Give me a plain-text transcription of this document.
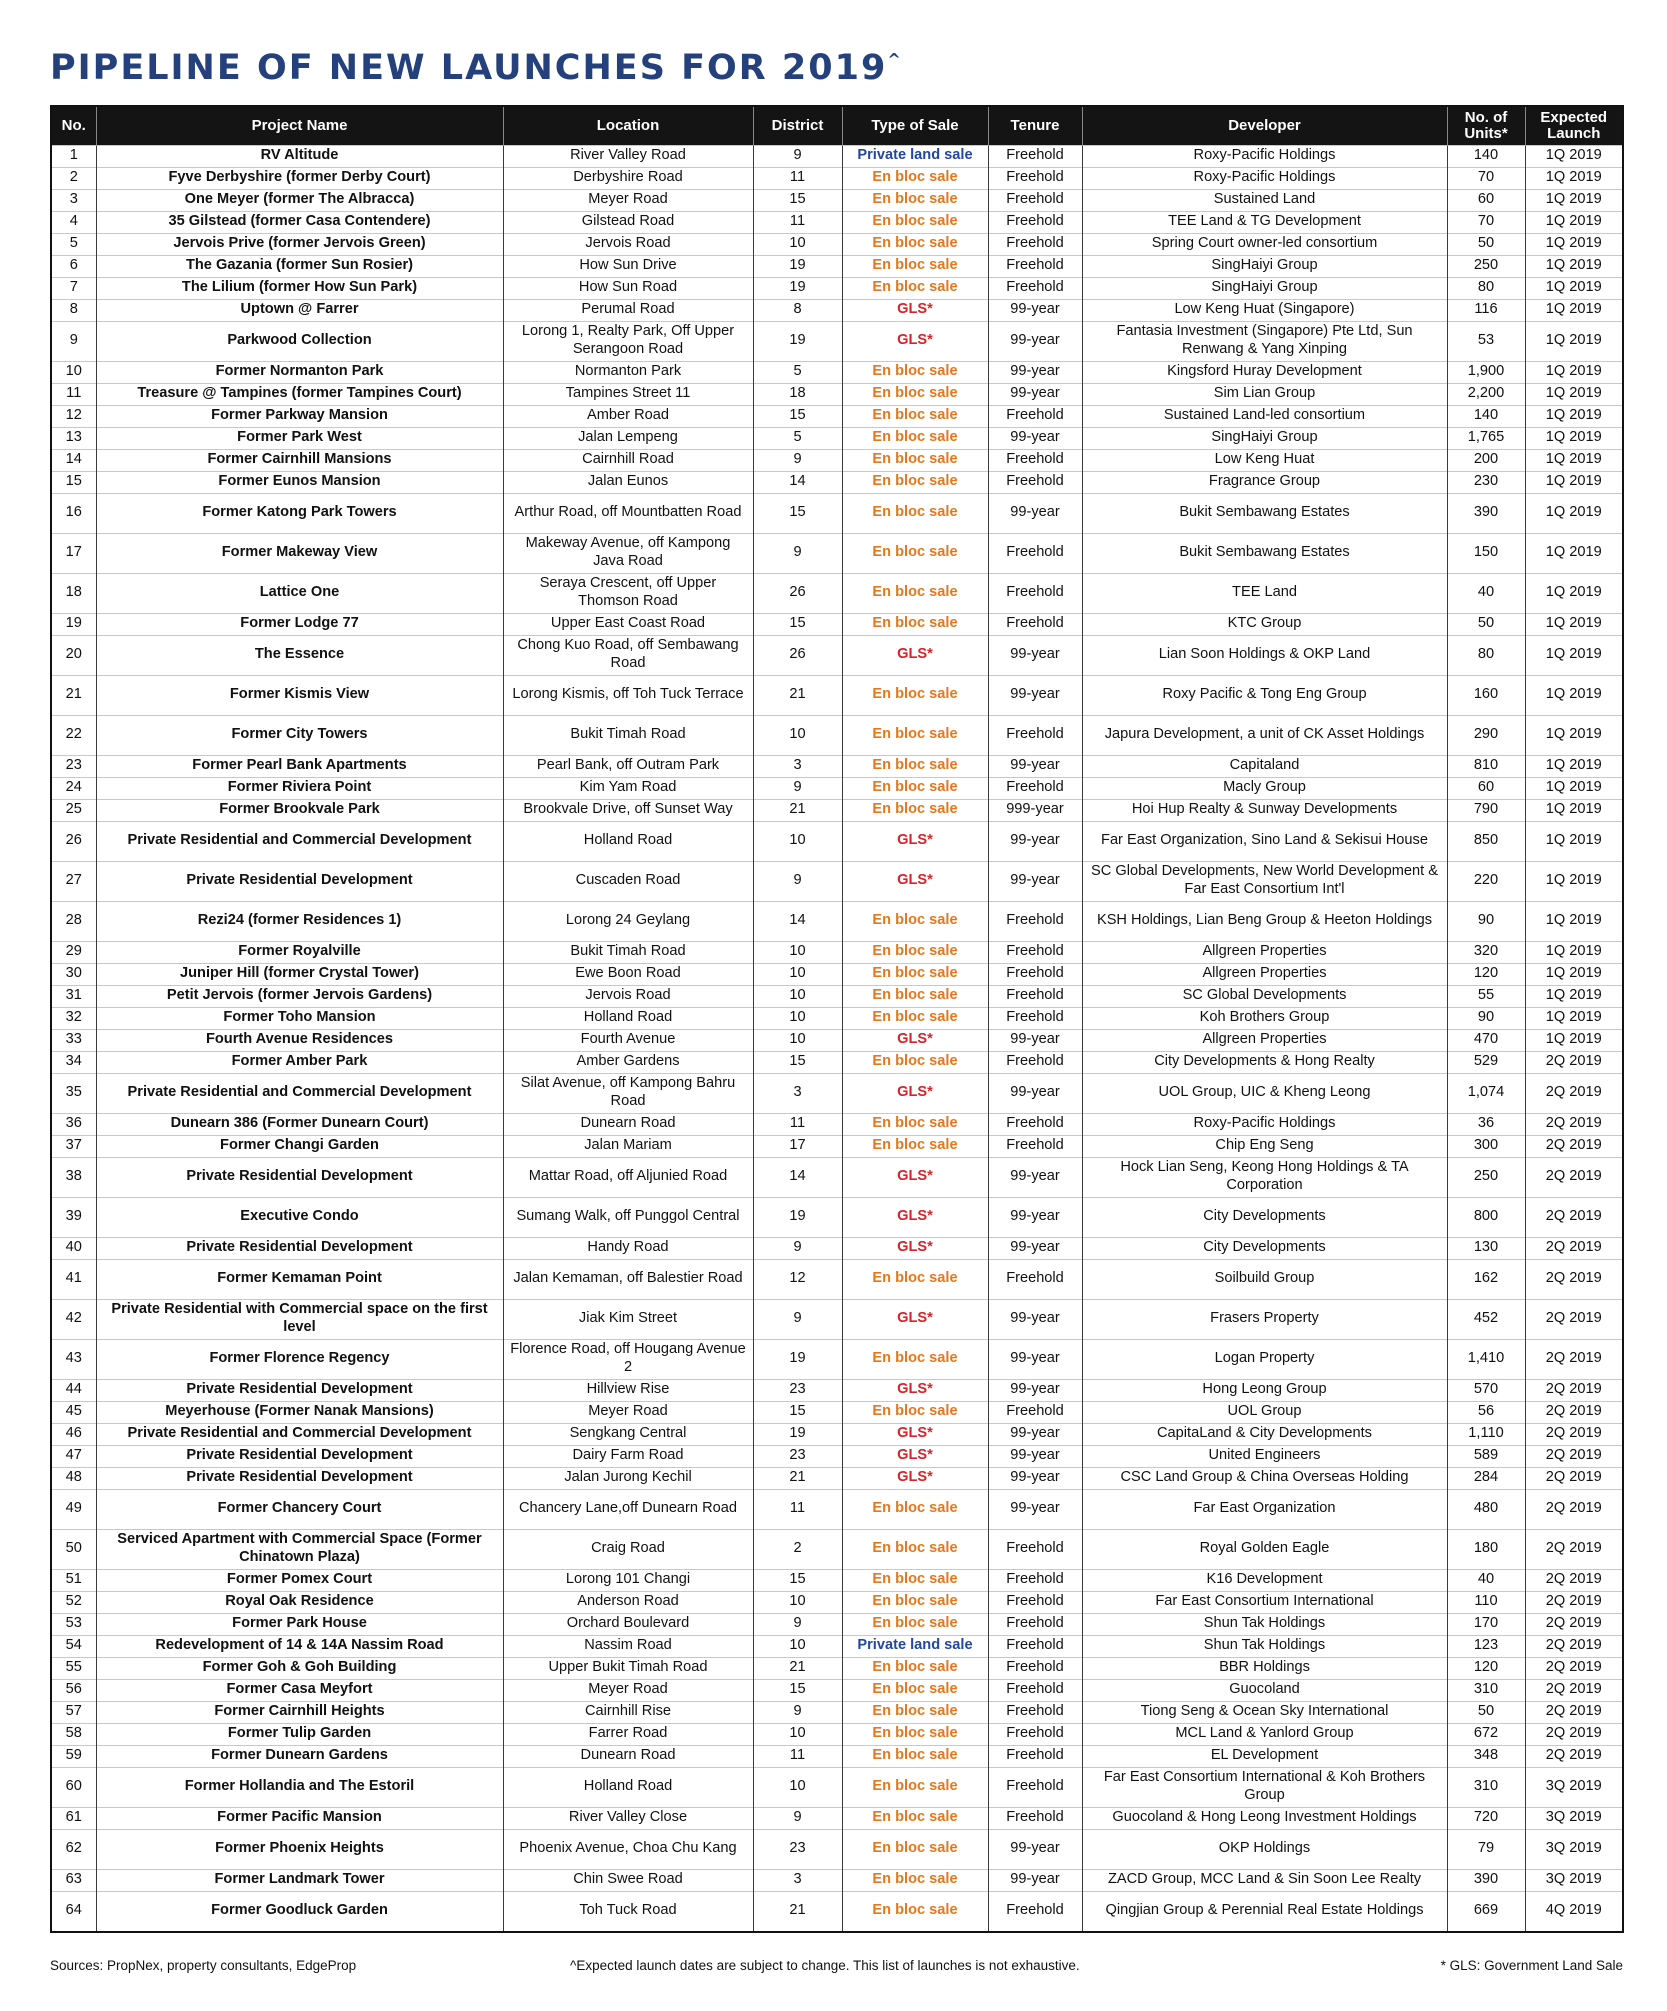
PIPELINE OF NEW LAUNCHES FOR 2019^
No.	Project Name	Location	District	Type of Sale	Tenure	Developer	No. of Units*	Expected Launch
1	RV Altitude	River Valley Road	9	Private land sale	Freehold	Roxy-Pacific Holdings	140	1Q 2019
2	Fyve Derbyshire (former Derby Court)	Derbyshire Road	11	En bloc sale	Freehold	Roxy-Pacific Holdings	70	1Q 2019
3	One Meyer (former The Albracca)	Meyer Road	15	En bloc sale	Freehold	Sustained Land	60	1Q 2019
4	35 Gilstead (former Casa Contendere)	Gilstead Road	11	En bloc sale	Freehold	TEE Land & TG Development	70	1Q 2019
5	Jervois Prive (former Jervois Green)	Jervois Road	10	En bloc sale	Freehold	Spring Court owner-led consortium	50	1Q 2019
6	The Gazania (former Sun Rosier)	How Sun Drive	19	En bloc sale	Freehold	SingHaiyi Group	250	1Q 2019
7	The Lilium (former How Sun Park)	How Sun Road	19	En bloc sale	Freehold	SingHaiyi Group	80	1Q 2019
8	Uptown @ Farrer	Perumal Road	8	GLS*	99-year	Low Keng Huat (Singapore)	116	1Q 2019
9	Parkwood Collection	Lorong 1, Realty Park, Off Upper Serangoon Road	19	GLS*	99-year	Fantasia Investment (Singapore) Pte Ltd, Sun Renwang & Yang Xinping	53	1Q 2019
10	Former Normanton Park	Normanton Park	5	En bloc sale	99-year	Kingsford Huray Development	1,900	1Q 2019
11	Treasure @ Tampines (former Tampines Court)	Tampines Street 11	18	En bloc sale	99-year	Sim Lian Group	2,200	1Q 2019
12	Former Parkway Mansion	Amber Road	15	En bloc sale	Freehold	Sustained Land-led consortium	140	1Q 2019
13	Former Park West	Jalan Lempeng	5	En bloc sale	99-year	SingHaiyi Group	1,765	1Q 2019
14	Former Cairnhill Mansions	Cairnhill Road	9	En bloc sale	Freehold	Low Keng Huat	200	1Q 2019
15	Former Eunos Mansion	Jalan Eunos	14	En bloc sale	Freehold	Fragrance Group	230	1Q 2019
16	Former Katong Park Towers	Arthur Road, off Mountbatten Road	15	En bloc sale	99-year	Bukit Sembawang Estates	390	1Q 2019
17	Former Makeway View	Makeway Avenue, off Kampong Java Road	9	En bloc sale	Freehold	Bukit Sembawang Estates	150	1Q 2019
18	Lattice One	Seraya Crescent, off Upper Thomson Road	26	En bloc sale	Freehold	TEE Land	40	1Q 2019
19	Former Lodge 77	Upper East Coast Road	15	En bloc sale	Freehold	KTC Group	50	1Q 2019
20	The Essence	Chong Kuo Road, off Sembawang Road	26	GLS*	99-year	Lian Soon Holdings & OKP Land	80	1Q 2019
21	Former Kismis View	Lorong Kismis, off Toh Tuck Terrace	21	En bloc sale	99-year	Roxy Pacific & Tong Eng Group	160	1Q 2019
22	Former City Towers	Bukit Timah Road	10	En bloc sale	Freehold	Japura Development, a unit of CK Asset Holdings	290	1Q 2019
23	Former Pearl Bank Apartments	Pearl Bank, off Outram Park	3	En bloc sale	99-year	Capitaland	810	1Q 2019
24	Former Riviera Point	Kim Yam Road	9	En bloc sale	Freehold	Macly Group	60	1Q 2019
25	Former Brookvale Park	Brookvale Drive, off Sunset Way	21	En bloc sale	999-year	Hoi Hup Realty & Sunway Developments	790	1Q 2019
26	Private Residential and Commercial Development	Holland Road	10	GLS*	99-year	Far East Organization, Sino Land & Sekisui House	850	1Q 2019
27	Private Residential Development	Cuscaden Road	9	GLS*	99-year	SC Global Developments, New World Development & Far East Consortium Int'l	220	1Q 2019
28	Rezi24 (former Residences 1)	Lorong 24 Geylang	14	En bloc sale	Freehold	KSH Holdings, Lian Beng Group & Heeton Holdings	90	1Q 2019
29	Former Royalville	Bukit Timah Road	10	En bloc sale	Freehold	Allgreen Properties	320	1Q 2019
30	Juniper Hill (former Crystal Tower)	Ewe Boon Road	10	En bloc sale	Freehold	Allgreen Properties	120	1Q 2019
31	Petit Jervois (former Jervois Gardens)	Jervois Road	10	En bloc sale	Freehold	SC Global Developments	55	1Q 2019
32	Former Toho Mansion	Holland Road	10	En bloc sale	Freehold	Koh Brothers Group	90	1Q 2019
33	Fourth Avenue Residences	Fourth Avenue	10	GLS*	99-year	Allgreen Properties	470	1Q 2019
34	Former Amber Park	Amber Gardens	15	En bloc sale	Freehold	City Developments & Hong Realty	529	2Q 2019
35	Private Residential and Commercial Development	Silat Avenue, off Kampong Bahru Road	3	GLS*	99-year	UOL Group, UIC & Kheng Leong	1,074	2Q 2019
36	Dunearn 386 (Former Dunearn Court)	Dunearn Road	11	En bloc sale	Freehold	Roxy-Pacific Holdings	36	2Q 2019
37	Former Changi Garden	Jalan Mariam	17	En bloc sale	Freehold	Chip Eng Seng	300	2Q 2019
38	Private Residential Development	Mattar Road, off Aljunied Road	14	GLS*	99-year	Hock Lian Seng, Keong Hong Holdings & TA Corporation	250	2Q 2019
39	Executive Condo	Sumang Walk, off Punggol Central	19	GLS*	99-year	City Developments	800	2Q 2019
40	Private Residential Development	Handy Road	9	GLS*	99-year	City Developments	130	2Q 2019
41	Former Kemaman Point	Jalan Kemaman, off Balestier Road	12	En bloc sale	Freehold	Soilbuild Group	162	2Q 2019
42	Private Residential with Commercial space on the first level	Jiak Kim Street	9	GLS*	99-year	Frasers Property	452	2Q 2019
43	Former Florence Regency	Florence Road, off Hougang Avenue 2	19	En bloc sale	99-year	Logan Property	1,410	2Q 2019
44	Private Residential Development	Hillview Rise	23	GLS*	99-year	Hong Leong Group	570	2Q 2019
45	Meyerhouse (Former Nanak Mansions)	Meyer Road	15	En bloc sale	Freehold	UOL Group	56	2Q 2019
46	Private Residential and Commercial Development	Sengkang Central	19	GLS*	99-year	CapitaLand & City Developments	1,110	2Q 2019
47	Private Residential Development	Dairy Farm Road	23	GLS*	99-year	United Engineers	589	2Q 2019
48	Private Residential Development	Jalan Jurong Kechil	21	GLS*	99-year	CSC Land Group & China Overseas Holding	284	2Q 2019
49	Former Chancery Court	Chancery Lane,off Dunearn Road	11	En bloc sale	99-year	Far East Organization	480	2Q 2019
50	Serviced Apartment with Commercial Space (Former Chinatown Plaza)	Craig Road	2	En bloc sale	Freehold	Royal Golden Eagle	180	2Q 2019
51	Former Pomex Court	Lorong 101 Changi	15	En bloc sale	Freehold	K16 Development	40	2Q 2019
52	Royal Oak Residence	Anderson Road	10	En bloc sale	Freehold	Far East Consortium International	110	2Q 2019
53	Former Park House	Orchard Boulevard	9	En bloc sale	Freehold	Shun Tak Holdings	170	2Q 2019
54	Redevelopment of 14 & 14A Nassim Road	Nassim Road	10	Private land sale	Freehold	Shun Tak Holdings	123	2Q 2019
55	Former Goh & Goh Building	Upper Bukit Timah Road	21	En bloc sale	Freehold	BBR Holdings	120	2Q 2019
56	Former Casa Meyfort	Meyer Road	15	En bloc sale	Freehold	Guocoland	310	2Q 2019
57	Former Cairnhill Heights	Cairnhill Rise	9	En bloc sale	Freehold	Tiong Seng & Ocean Sky International	50	2Q 2019
58	Former Tulip Garden	Farrer Road	10	En bloc sale	Freehold	MCL Land & Yanlord Group	672	2Q 2019
59	Former Dunearn Gardens	Dunearn Road	11	En bloc sale	Freehold	EL Development	348	2Q 2019
60	Former Hollandia and The Estoril	Holland Road	10	En bloc sale	Freehold	Far East Consortium International & Koh Brothers Group	310	3Q 2019
61	Former Pacific Mansion	River Valley Close	9	En bloc sale	Freehold	Guocoland & Hong Leong Investment Holdings	720	3Q 2019
62	Former Phoenix Heights	Phoenix Avenue, Choa Chu Kang	23	En bloc sale	99-year	OKP Holdings	79	3Q 2019
63	Former Landmark Tower	Chin Swee Road	3	En bloc sale	99-year	ZACD Group, MCC Land & Sin Soon Lee Realty	390	3Q 2019
64	Former Goodluck Garden	Toh Tuck Road	21	En bloc sale	Freehold	Qingjian Group & Perennial Real Estate Holdings	669	4Q 2019
Sources: PropNex, property consultants, EdgeProp	^Expected launch dates are subject to change. This list of launches is not exhaustive.	* GLS: Government Land Sale
